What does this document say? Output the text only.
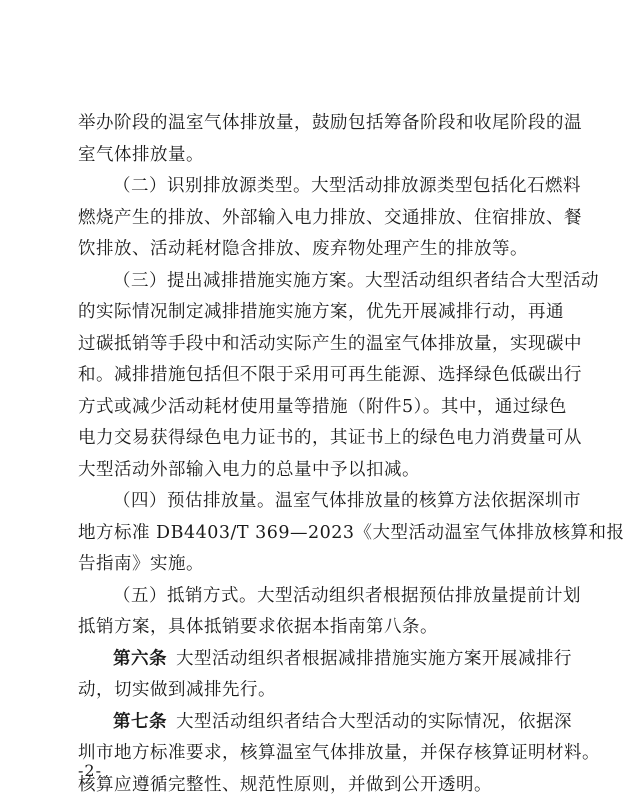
举办阶段的温室气体排放量，鼓励包括筹备阶段和收尾阶段的温
室气体排放量。
（二）识别排放源类型。大型活动排放源类型包括化石燃料
燃烧产生的排放、外部输入电力排放、交通排放、住宿排放、餐
饮排放、活动耗材隐含排放、废弃物处理产生的排放等。
（三）提出减排措施实施方案。大型活动组织者结合大型活动
的实际情况制定减排措施实施方案，优先开展减排行动，再通
过碳抵销等手段中和活动实际产生的温室气体排放量，实现碳中
和。减排措施包括但不限于采用可再生能源、选择绿色低碳出行
方式或减少活动耗材使用量等措施（附件5）。其中，通过绿色
电力交易获得绿色电力证书的，其证书上的绿色电力消费量可从
大型活动外部输入电力的总量中予以扣减。
（四）预估排放量。温室气体排放量的核算方法依据深圳市
地方标准 DB4403/T 369—2023《大型活动温室气体排放核算和报
告指南》实施。
（五）抵销方式。大型活动组织者根据预估排放量提前计划
抵销方案，具体抵销要求依据本指南第八条。
第六条 大型活动组织者根据减排措施实施方案开展减排行
动，切实做到减排先行。
第七条 大型活动组织者结合大型活动的实际情况，依据深
圳市地方标准要求，核算温室气体排放量，并保存核算证明材料。
核算应遵循完整性、规范性原则，并做到公开透明。
-2-
